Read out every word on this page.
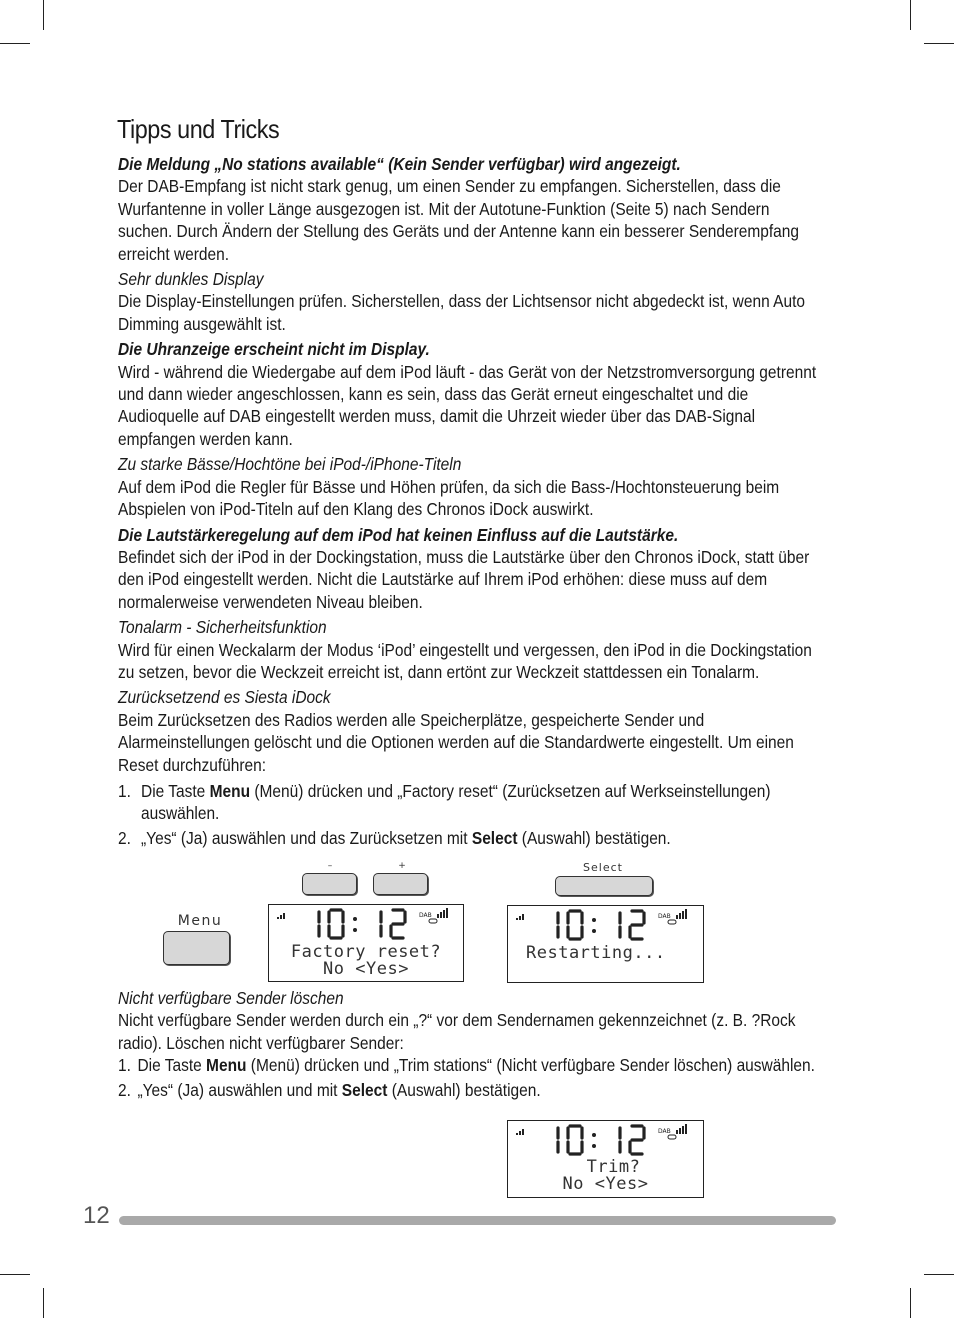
Tipps und Tricks
Die Meldung „No stations available“ (Kein Sender verfügbar) wird angezeigt.

Der DAB-Empfang ist nicht stark genug, um einen Sender zu empfangen. Sicherstellen, dass die Wurfantenne in voller Länge ausgezogen ist. Mit der Autotune-Funktion (Seite 5) nach Sendern suchen. Durch Ändern der Stellung des Geräts und der Antenne kann ein besserer Senderempfang erreicht werden.

Sehr dunkles Display

Die Display-Einstellungen prüfen. Sicherstellen, dass der Lichtsensor nicht abgedeckt ist, wenn Auto Dimming ausgewählt ist.

Die Uhranzeige erscheint nicht im Display.

Wird - während die Wiedergabe auf dem iPod läuft - das Gerät von der Netzstromversorgung getrennt und dann wieder angeschlossen, kann es sein, dass das Gerät erneut eingeschaltet und die Audioquelle auf DAB eingestellt werden muss, damit die Uhrzeit wieder über das DAB-Signal empfangen werden kann.

Zu starke Bässe/Hochtöne bei iPod-/iPhone-Titeln

Auf dem iPod die Regler für Bässe und Höhen prüfen, da sich die Bass-/Hochtonsteuerung beim Abspielen von iPod-Titeln auf den Klang des Chronos iDock auswirkt.

Die Lautstärkeregelung auf dem iPod hat keinen Einfluss auf die Lautstärke.

Befindet sich der iPod in der Dockingstation, muss die Lautstärke über den Chronos iDock, statt über den iPod eingestellt werden. Nicht die Lautstärke auf Ihrem iPod erhöhen: diese muss auf dem normalerweise verwendeten Niveau bleiben.

Tonalarm - Sicherheitsfunktion

Wird für einen Weckalarm der Modus ‘iPod’ eingestellt und vergessen, den iPod in die Dockingstation zu setzen, bevor die Weckzeit erreicht ist, dann ertönt zur Weckzeit stattdessen ein Tonalarm.

Zurücksetzend es Siesta iDock

Beim Zurücksetzen des Radios werden alle Speicherplätze, gespeicherte Sender und Alarmeinstellungen gelöscht und die Optionen werden auf die Standardwerte eingestellt. Um einen Reset durchzuführen:

1. Die Taste Menu (Menü) drücken und „Factory reset“ (Zurücksetzen auf Werkseinstellungen) auswählen.
2. „Yes“ (Ja) auswählen und das Zurücksetzen mit Select (Auswahl) bestätigen.
–	+	Select
Menu	DAB
Factory reset?
No <Yes>
DAB
Restarting...
Nicht verfügbare Sender löschen

Nicht verfügbare Sender werden durch ein „?“ vor dem Sendernamen gekennzeichnet (z. B. ?Rock radio). Löschen nicht verfügbarer Sender:

1. Die Taste Menu (Menü) drücken und „Trim stations“ (Nicht verfügbare Sender löschen) auswählen.
2. „Yes“ (Ja) auswählen und mit Select (Auswahl) bestätigen.
DAB
Trim?
No <Yes>
12
